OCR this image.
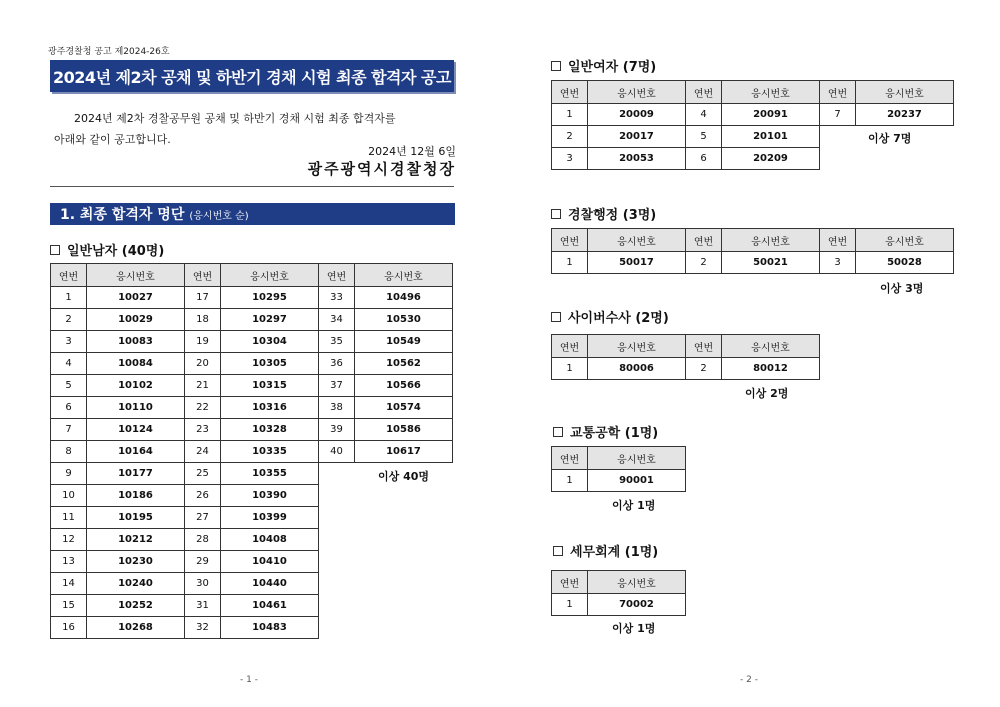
광주경찰청 공고 제2024-26호
2024년 제2차 공채 및 하반기 경채 시험 최종 합격자 공고
2024년 제2차 경찰공무원 공채 및 하반기 경채 시험 최종 합격자를
아래와 같이 공고합니다.
2024년 12월 6일
광주광역시경찰청장
1. 최종 합격자 명단 (응시번호 순)
일반남자 (40명)
연번	응시번호	연번	응시번호	연번	응시번호
1	10027	17	10295	33	10496
2	10029	18	10297	34	10530
3	10083	19	10304	35	10549
4	10084	20	10305	36	10562
5	10102	21	10315	37	10566
6	10110	22	10316	38	10574
7	10124	23	10328	39	10586
8	10164	24	10335	40	10617
9	10177	25	10355		
10	10186	26	10390		
11	10195	27	10399		
12	10212	28	10408		
13	10230	29	10410		
14	10240	30	10440		
15	10252	31	10461		
16	10268	32	10483		
이상 40명
- 1 -
일반여자 (7명)
연번	응시번호	연번	응시번호	연번	응시번호
1	20009	4	20091	7	20237
2	20017	5	20101		
3	20053	6	20209		
이상 7명
경찰행정 (3명)
연번	응시번호	연번	응시번호	연번	응시번호
1	50017	2	50021	3	50028
이상 3명
사이버수사 (2명)
연번	응시번호	연번	응시번호
1	80006	2	80012
이상 2명
교통공학 (1명)
연번	응시번호
1	90001
이상 1명
세무회계 (1명)
연번	응시번호
1	70002
이상 1명
- 2 -
